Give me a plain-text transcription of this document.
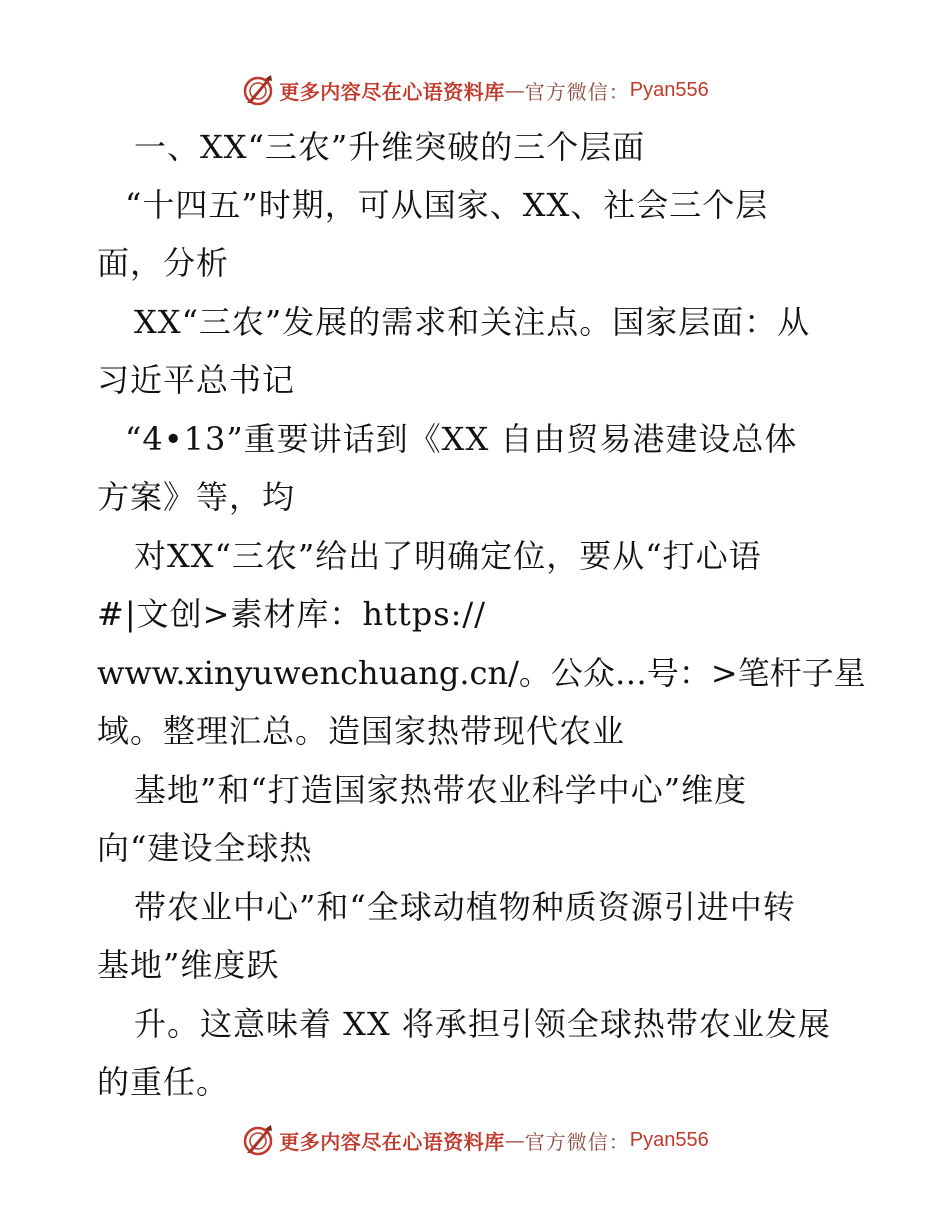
更多内容尽在心语资料库 — 官方微信： Pyan556
一、XX“三农”升维突破的三个层面
“十四五”时期，可从国家、XX、社会三个层
面，分析
XX“三农”发展的需求和关注点。国家层面：从
习近平总书记
“4•13”重要讲话到《XX 自由贸易港建设总体
方案》等，均
对XX“三农”给出了明确定位，要从“打心语
#|文创>素材库：https://
www.xinyuwenchuang.cn/。公众…号：>笔杆子星
域。整理汇总。造国家热带现代农业
基地”和“打造国家热带农业科学中心”维度
向“建设全球热
带农业中心”和“全球动植物种质资源引进中转
基地”维度跃
升。这意味着 XX 将承担引领全球热带农业发展
的重任。
更多内容尽在心语资料库 — 官方微信： Pyan556
